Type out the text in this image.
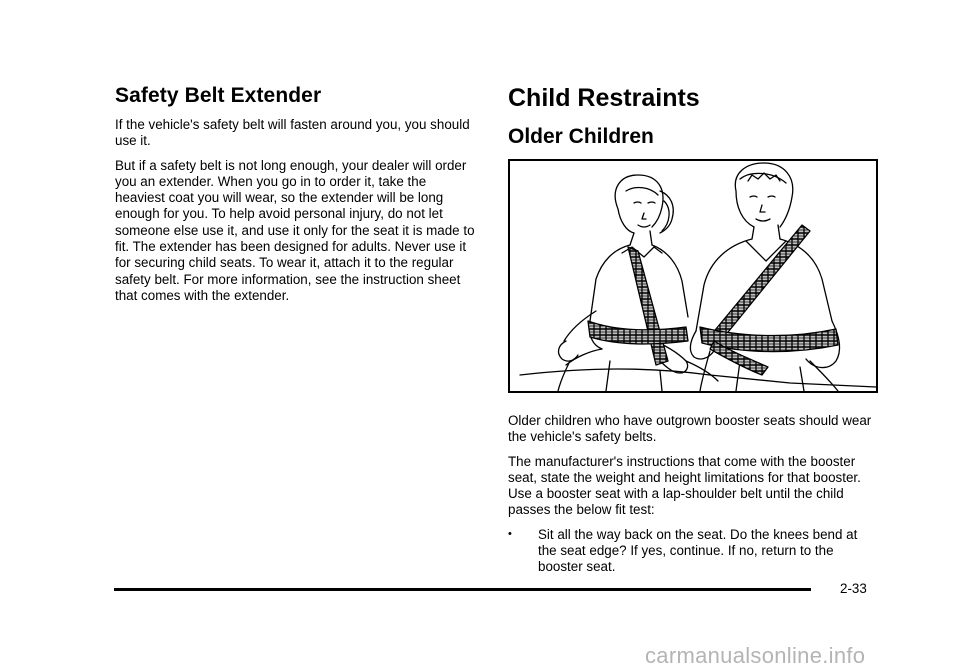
Safety Belt Extender

If the vehicle's safety belt will fasten around you, you should use it.

But if a safety belt is not long enough, your dealer will order you an extender. When you go in to order it, take the heaviest coat you will wear, so the extender will be long enough for you. To help avoid personal injury, do not let someone else use it, and use it only for the seat it is made to fit. The extender has been designed for adults. Never use it for securing child seats. To wear it, attach it to the regular safety belt. For more information, see the instruction sheet that comes with the extender.

Child Restraints
Older Children

Older children who have outgrown booster seats should wear the vehicle's safety belts.

The manufacturer's instructions that come with the booster seat, state the weight and height limitations for that booster. Use a booster seat with a lap-shoulder belt until the child passes the below fit test:

• Sit all the way back on the seat. Do the knees bend at the seat edge? If yes, continue. If no, return to the booster seat.
2-33
carmanualsonline.info
